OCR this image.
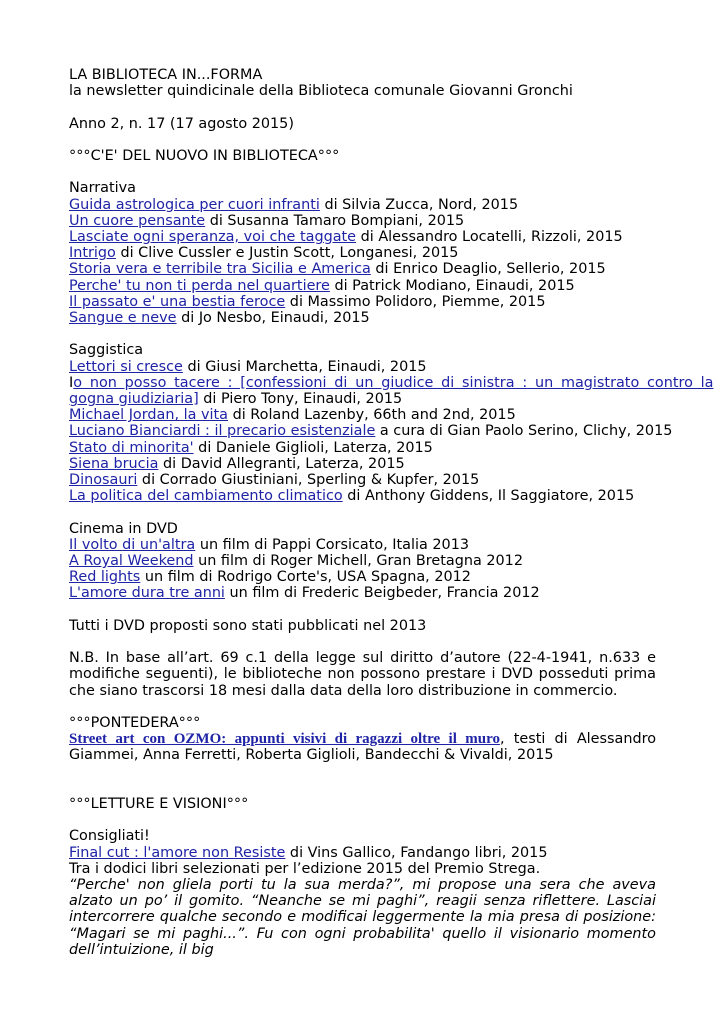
LA BIBLIOTECA IN...FORMA
la newsletter quindicinale della Biblioteca comunale Giovanni Gronchi
Anno 2, n. 17 (17 agosto 2015)
°°°C'E' DEL NUOVO IN BIBLIOTECA°°°
Narrativa
Guida astrologica per cuori infranti di Silvia Zucca, Nord, 2015
Un cuore pensante di Susanna Tamaro Bompiani, 2015
Lasciate ogni speranza, voi che taggate di Alessandro Locatelli, Rizzoli, 2015
Intrigo di Clive Cussler e Justin Scott, Longanesi, 2015
Storia vera e terribile tra Sicilia e America di Enrico Deaglio, Sellerio, 2015
Perche' tu non ti perda nel quartiere di Patrick Modiano, Einaudi, 2015
Il passato e' una bestia feroce di Massimo Polidoro, Piemme, 2015
Sangue e neve di Jo Nesbo, Einaudi, 2015
Saggistica
Lettori si cresce di Giusi Marchetta, Einaudi, 2015
Io non posso tacere : [confessioni di un giudice di sinistra : un magistrato contro la
gogna giudiziaria] di Piero Tony, Einaudi, 2015
Michael Jordan, la vita di Roland Lazenby, 66th and 2nd, 2015
Luciano Bianciardi : il precario esistenziale a cura di Gian Paolo Serino, Clichy, 2015
Stato di minorita' di Daniele Giglioli, Laterza, 2015
Siena brucia di David Allegranti, Laterza, 2015
Dinosauri di Corrado Giustiniani, Sperling & Kupfer, 2015
La politica del cambiamento climatico di Anthony Giddens, Il Saggiatore, 2015
Cinema in DVD
Il volto di un'altra un film di Pappi Corsicato, Italia 2013
A Royal Weekend un film di Roger Michell, Gran Bretagna 2012
Red lights un film di Rodrigo Corte's, USA Spagna, 2012
L'amore dura tre anni un film di Frederic Beigbeder, Francia 2012
Tutti i DVD proposti sono stati pubblicati nel 2013
N.B. In base all’art. 69 c.1 della legge sul diritto d’autore (22-4-1941, n.633 e modifiche seguenti), le biblioteche non possono prestare i DVD posseduti prima che siano trascorsi 18 mesi dalla data della loro distribuzione in commercio.
°°°PONTEDERA°°°
Street art con OZMO: appunti visivi di ragazzi oltre il muro, testi di Alessandro Giammei, Anna Ferretti, Roberta Giglioli, Bandecchi & Vivaldi, 2015
°°°LETTURE E VISIONI°°°
Consigliati!
Final cut : l'amore non Resiste di Vins Gallico, Fandango libri, 2015
Tra i dodici libri selezionati per l’edizione 2015 del Premio Strega.
“Perche' non gliela porti tu la sua merda?”, mi propose una sera che aveva alzato un po’ il gomito. “Neanche se mi paghi”, reagii senza riflettere. Lasciai intercorrere qualche secondo e modificai leggermente la mia presa di posizione: “Magari se mi paghi...”. Fu con ogni probabilita' quello il visionario momento dell’intuizione, il big
